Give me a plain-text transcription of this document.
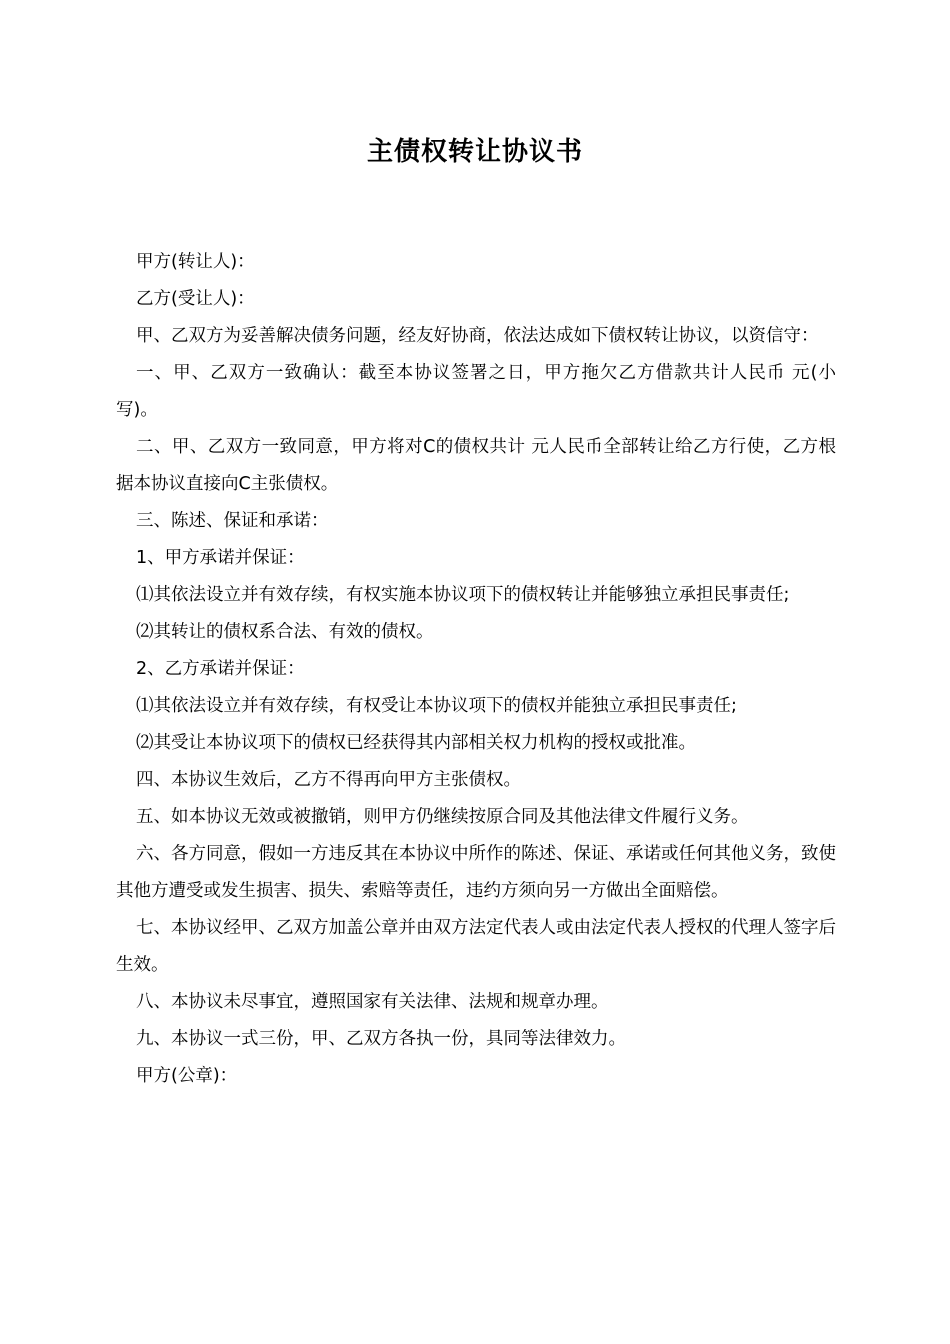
主债权转让协议书

甲方(转让人)：

乙方(受让人)：

甲、乙双方为妥善解决债务问题，经友好协商，依法达成如下债权转让协议，以资信守：

一、甲、乙双方一致确认：截至本协议签署之日，甲方拖欠乙方借款共计人民币 元(小写)。

二、甲、乙双方一致同意，甲方将对C的债权共计 元人民币全部转让给乙方行使，乙方根据本协议直接向C主张债权。

三、陈述、保证和承诺：

1、甲方承诺并保证：

⑴其依法设立并有效存续，有权实施本协议项下的债权转让并能够独立承担民事责任;

⑵其转让的债权系合法、有效的债权。

2、乙方承诺并保证：

⑴其依法设立并有效存续，有权受让本协议项下的债权并能独立承担民事责任;

⑵其受让本协议项下的债权已经获得其内部相关权力机构的授权或批准。

四、本协议生效后，乙方不得再向甲方主张债权。

五、如本协议无效或被撤销，则甲方仍继续按原合同及其他法律文件履行义务。

六、各方同意，假如一方违反其在本协议中所作的陈述、保证、承诺或任何其他义务，致使其他方遭受或发生损害、损失、索赔等责任，违约方须向另一方做出全面赔偿。

七、本协议经甲、乙双方加盖公章并由双方法定代表人或由法定代表人授权的代理人签字后生效。

八、本协议未尽事宜，遵照国家有关法律、法规和规章办理。

九、本协议一式三份，甲、乙双方各执一份，具同等法律效力。

甲方(公章)：
